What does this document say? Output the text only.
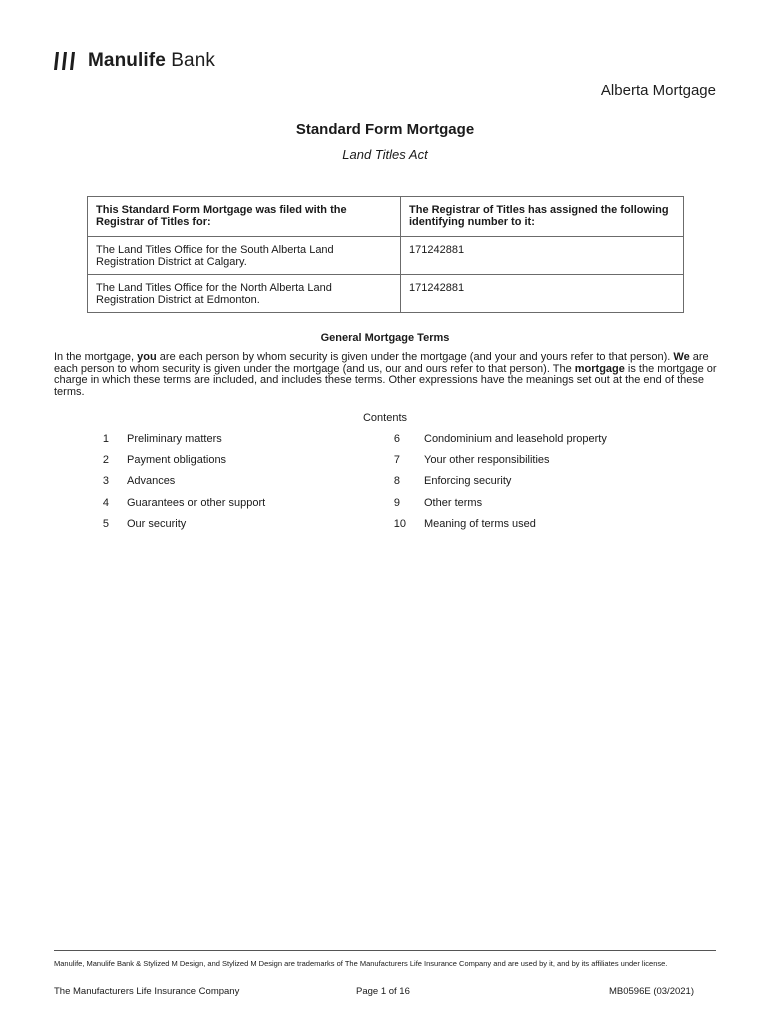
Manulife Bank
Alberta Mortgage
Standard Form Mortgage
Land Titles Act
This Standard Form Mortgage was filed with the Registrar of Titles for:	The Registrar of Titles has assigned the following identifying number to it:
The Land Titles Office for the South Alberta Land Registration District at Calgary.	171242881
The Land Titles Office for the North Alberta Land Registration District at Edmonton.	171242881
General Mortgage Terms
In the mortgage, you are each person by whom security is given under the mortgage (and your and yours refer to that person). We are each person to whom security is given under the mortgage (and us, our and ours refer to that person). The mortgage is the mortgage or charge in which these terms are included, and includes these terms. Other expressions have the meanings set out at the end of these terms.
Contents
1 Preliminary matters
2 Payment obligations
3 Advances
4 Guarantees or other support
5 Our security
6 Condominium and leasehold property
7 Your other responsibilities
8 Enforcing security
9 Other terms
10 Meaning of terms used
Manulife, Manulife Bank & Stylized M Design, and Stylized M Design are trademarks of The Manufacturers Life Insurance Company and are used by it, and by its affiliates under license.
The Manufacturers Life Insurance Company	Page 1 of 16	MB0596E (03/2021)
